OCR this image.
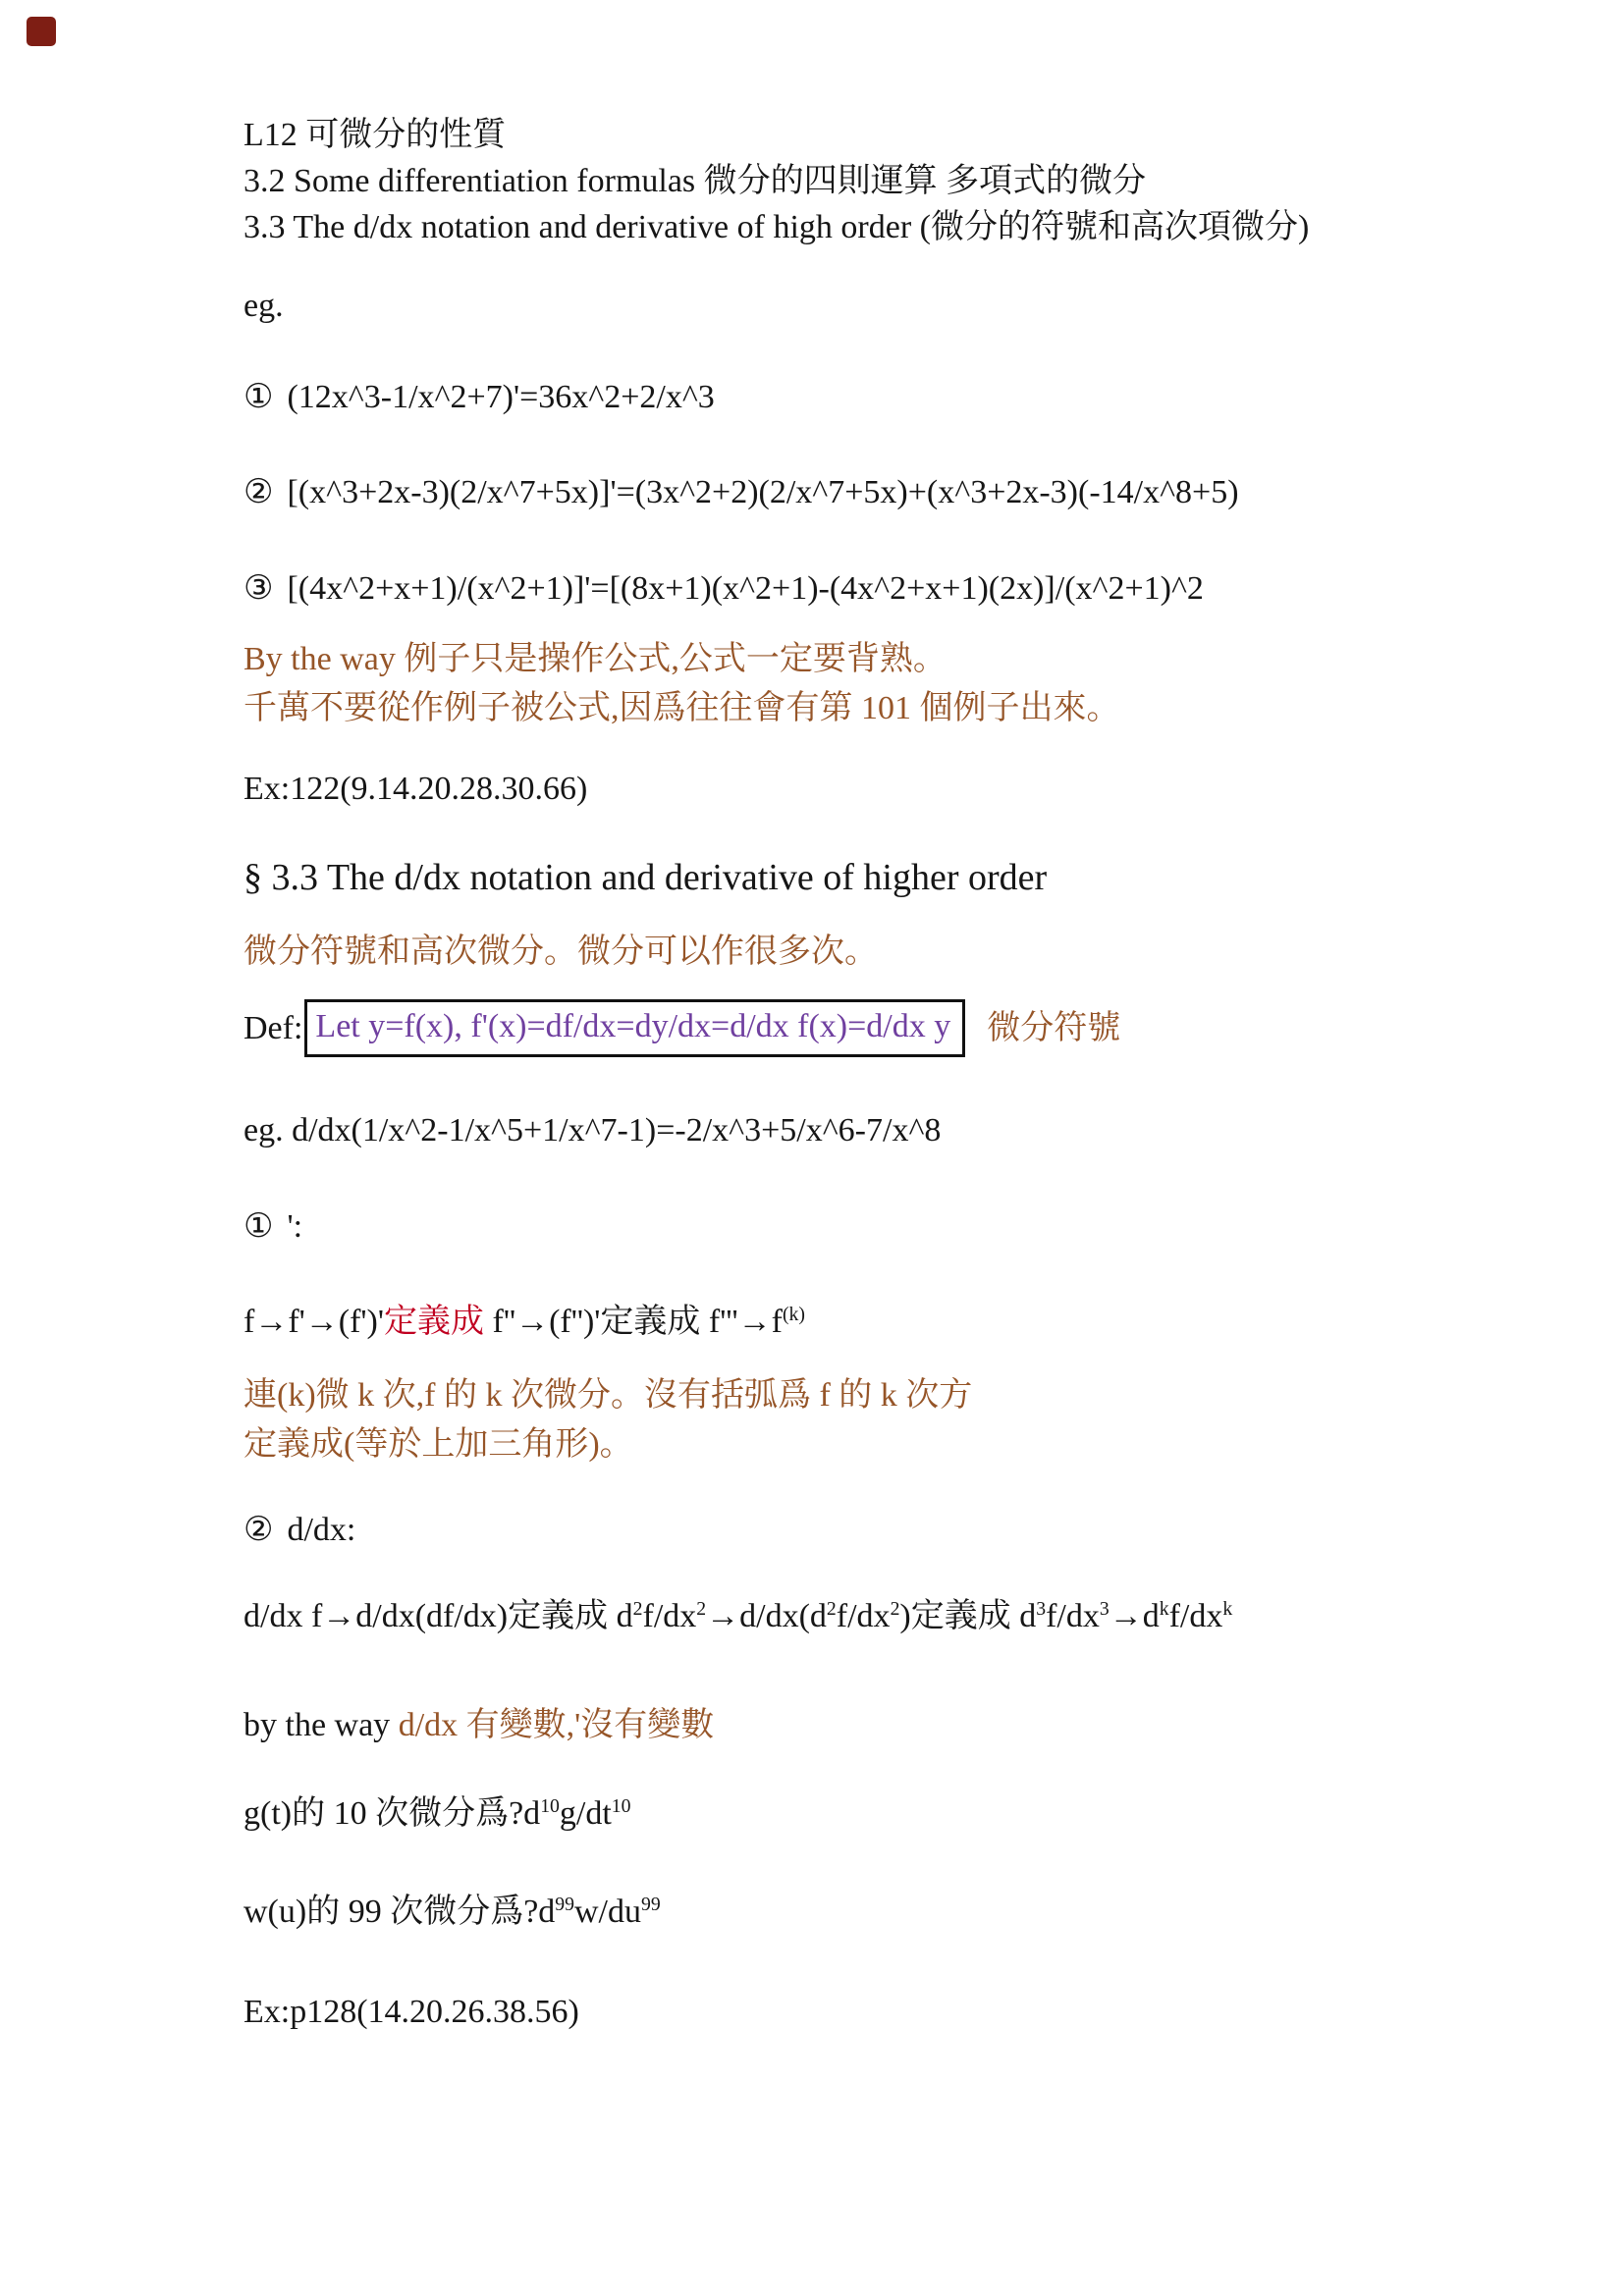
L12 可微分的性質
3.2 Some differentiation formulas 微分的四則運算 多項式的微分
3.3 The d/dx notation and derivative of high order (微分的符號和高次項微分)
eg.
① (12x^3-1/x^2+7)'=36x^2+2/x^3
② [(x^3+2x-3)(2/x^7+5x)]'=(3x^2+2)(2/x^7+5x)+(x^3+2x-3)(-14/x^8+5)
③ [(4x^2+x+1)/(x^2+1)]'=[(8x+1)(x^2+1)-(4x^2+x+1)(2x)]/(x^2+1)^2
By the way 例子只是操作公式,公式一定要背熟。
千萬不要從作例子被公式,因爲往往會有第 101 個例子出來。
Ex:122(9.14.20.28.30.66)
§ 3.3 The d/dx notation and derivative of higher order
微分符號和高次微分。微分可以作很多次。
Def: Let y=f(x), f'(x)=df/dx=dy/dx=d/dx f(x)=d/dx y	微分符號
eg. d/dx(1/x^2-1/x^5+1/x^7-1)=-2/x^3+5/x^6-7/x^8
① ':
f→f'→(f')'定義成 f''→(f'')'定義成 $f'''\to f^{(k)}$
連(k)微 k 次,f 的 k 次微分。沒有括弧爲 f 的 k 次方
定義成(等於上加三角形)。
② d/dx:
d/dx f→d/dx(df/dx)定義成 $d^2f/dx^2\to d/dx(d^2f/dx^2)$定義成 $d^3f/dx^3\to d^kf/dx^k$
by the way d/dx 有變數,'沒有變數
g(t)的 10 次微分爲$?d^{10}g/dt^{10}$
w(u)的 99 次微分爲$?d^{99}w/du^{99}$
Ex:p128(14.20.26.38.56)
